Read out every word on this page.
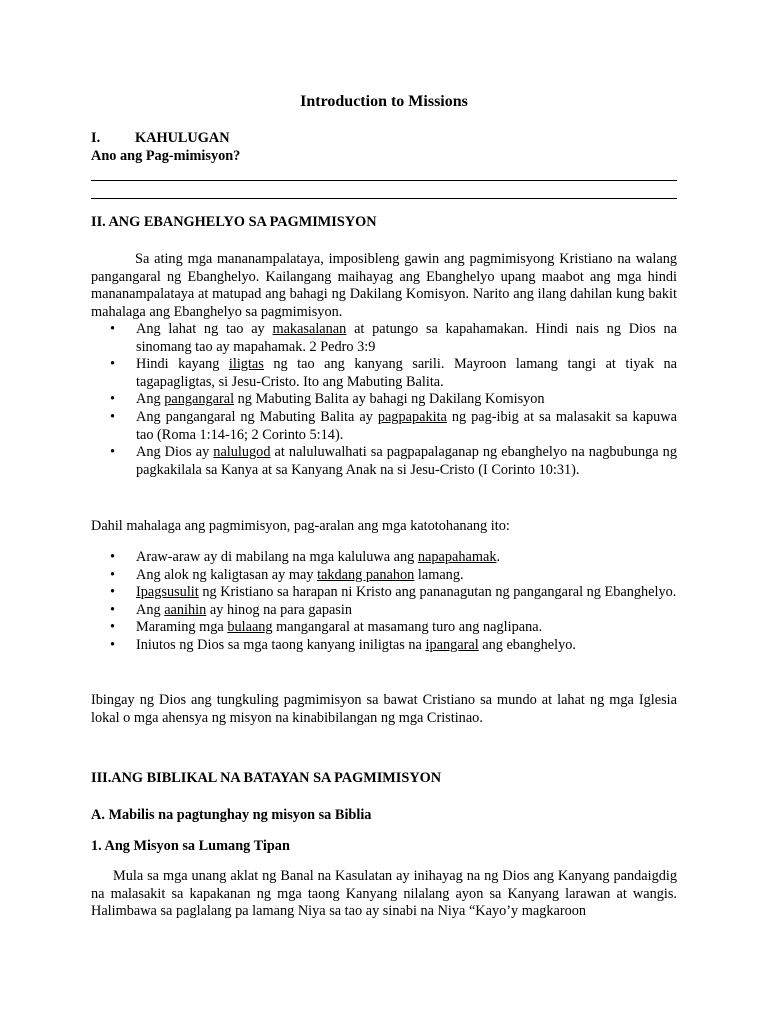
Introduction to Missions
I. KAHULUGAN
Ano ang Pag-mimisyon?
II. ANG EBANGHELYO SA PAGMIMISYON
Sa ating mga mananampalataya, imposibleng gawin ang pagmimisyong Kristiano na walang pangangaral ng Ebanghelyo. Kailangang maihayag ang Ebanghelyo upang maabot ang mga hindi mananampalataya at matupad ang bahagi ng Dakilang Komisyon. Narito ang ilang dahilan kung bakit mahalaga ang Ebanghelyo sa pagmimisyon.
• Ang lahat ng tao ay makasalanan at patungo sa kapahamakan. Hindi nais ng Dios na sinomang tao ay mapahamak. 2 Pedro 3:9
• Hindi kayang iligtas ng tao ang kanyang sarili. Mayroon lamang tangi at tiyak na tagapagligtas, si Jesu-Cristo. Ito ang Mabuting Balita.
• Ang pangangaral ng Mabuting Balita ay bahagi ng Dakilang Komisyon
• Ang pangangaral ng Mabuting Balita ay pagpapakita ng pag-ibig at sa malasakit sa kapuwa tao (Roma 1:14-16; 2 Corinto 5:14).
• Ang Dios ay nalulugod at naluluwalhati sa pagpapalaganap ng ebanghelyo na nagbubunga ng pagkakilala sa Kanya at sa Kanyang Anak na si Jesu-Cristo (I Corinto 10:31).
Dahil mahalaga ang pagmimisyon, pag-aralan ang mga katotohanang ito:
• Araw-araw ay di mabilang na mga kaluluwa ang napapahamak.
• Ang alok ng kaligtasan ay may takdang panahon lamang.
• Ipagsusulit ng Kristiano sa harapan ni Kristo ang pananagutan ng pangangaral ng Ebanghelyo.
• Ang aanihin ay hinog na para gapasin
• Maraming mga bulaang mangangaral at masamang turo ang naglipana.
• Iniutos ng Dios sa mga taong kanyang iniligtas na ipangaral ang ebanghelyo.
Ibingay ng Dios ang tungkuling pagmimisyon sa bawat Cristiano sa mundo at lahat ng mga Iglesia lokal o mga ahensya ng misyon na kinabibilangan ng mga Cristinao.
III.ANG BIBLIKAL NA BATAYAN SA PAGMIMISYON
A. Mabilis na pagtunghay ng misyon sa Biblia
1. Ang Misyon sa Lumang Tipan
Mula sa mga unang aklat ng Banal na Kasulatan ay inihayag na ng Dios ang Kanyang pandaigdig na malasakit sa kapakanan ng mga taong Kanyang nilalang ayon sa Kanyang larawan at wangis. Halimbawa sa paglalang pa lamang Niya sa tao ay sinabi na Niya “Kayo’y magkaroon
